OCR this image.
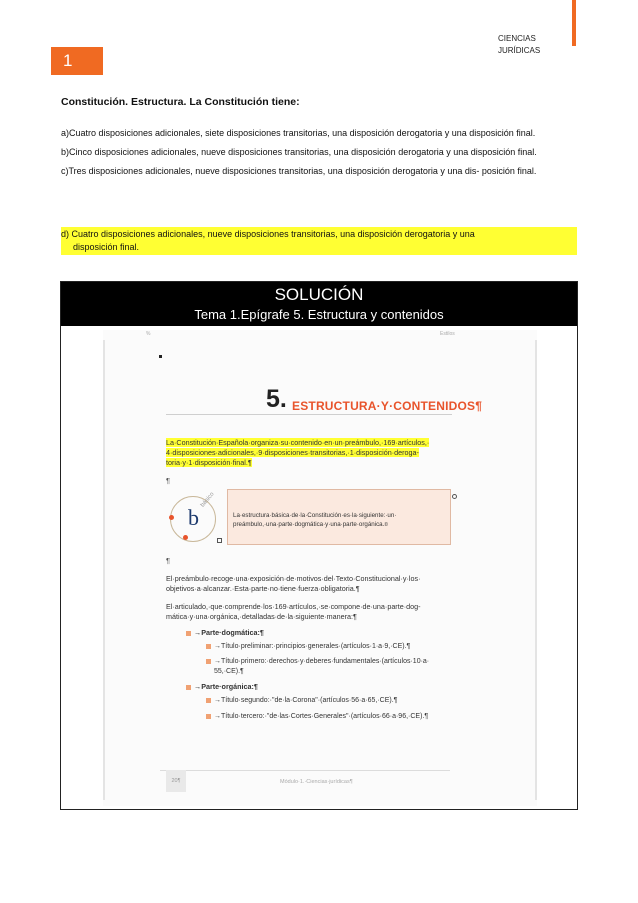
CIENCIAS
JURÍDICAS
1
Constitución. Estructura. La Constitución tiene:
a)Cuatro disposiciones adicionales, siete disposiciones transitorias, una disposición derogatoria y una disposición final.
b)Cinco disposiciones adicionales, nueve disposiciones transitorias, una disposición derogatoria y una disposición final.
c)Tres disposiciones adicionales, nueve disposiciones transitorias, una disposición derogatoria y una dis- posición final.
d) Cuatro disposiciones adicionales, nueve disposiciones transitorias, una disposición derogatoria y una
disposición final.
SOLUCIÓN
Tema 1.Epígrafe 5. Estructura y contenidos
%	Estilos
5. ESTRUCTURA·Y·CONTENIDOS¶
La·Constitución·Española·organiza·su·contenido·en·un·preámbulo,·169·artículos,·
4·disposiciones·adicionales,·9·disposiciones·transitorias,·1·disposición·deroga-
toria·y·1·disposición·final.¶
¶
b
básico
La·estructura·básica·de·la·Constitución·es·la·siguiente:·un·
preámbulo,·una·parte·dogmática·y·una·parte·orgánica.¤
¶
El·preámbulo·recoge·una·exposición·de·motivos·del·Texto·Constitucional·y·los·
objetivos·a·alcanzar.·Esta·parte·no·tiene·fuerza·obligatoria.¶
El·articulado,·que·comprende·los·169·artículos,·se·compone·de·una·parte·dog-
mática·y·una·orgánica,·detalladas·de·la·siguiente·manera:¶
→Parte·dogmática:¶
→Título·preliminar:·principios·generales·(artículos·1·a·9,·CE).¶
→Título·primero:·derechos·y·deberes·fundamentales·(artículos·10·a·
55,·CE).¶
→Parte·orgánica:¶
→Título·segundo:·"de·la·Corona"·(artículos·56·a·65,·CE).¶
→Título·tercero:·"de·las·Cortes·Generales"·(artículos·66·a·96,·CE).¶
20¶	Módulo·1.·Ciencias·jurídicas¶
